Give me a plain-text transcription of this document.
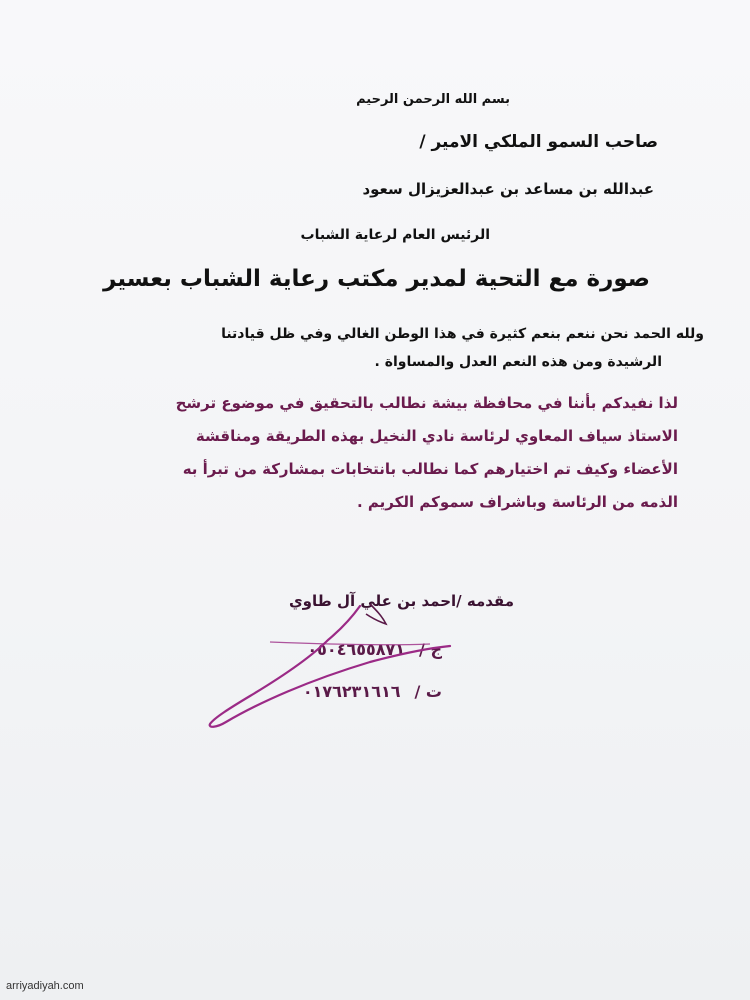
بسم الله الرحمن الرحيم
صاحب السمو الملكي الامير /
عبدالله بن مساعد بن عبدالعزيزال سعود
الرئيس العام لرعاية الشباب
صورة مع التحية لمدير مكتب رعاية الشباب بعسير
ولله الحمد نحن ننعم بنعم كثيرة في هذا الوطن الغالي وفي ظل قيادتنا
الرشيدة ومن هذه النعم العدل والمساواة .
لذا نفيدكم بأننا في محافظة بيشة نطالب بالتحقيق في موضوع ترشح
الاستاذ سياف المعاوي لرئاسة نادي النخيل بهذه الطريقة ومناقشة
الأعضاء وكيف تم اختيارهم كما نطالب بانتخابات بمشاركة من تبرأ به
الذمه من الرئاسة وباشراف سموكم الكريم .
مقدمه /احمد بن علي آل طاوي
ج /٠٥٠٤٦٥٥٨٧١
ت /٠١٧٦٢٣١٦١٦
arriyadiyah.com
